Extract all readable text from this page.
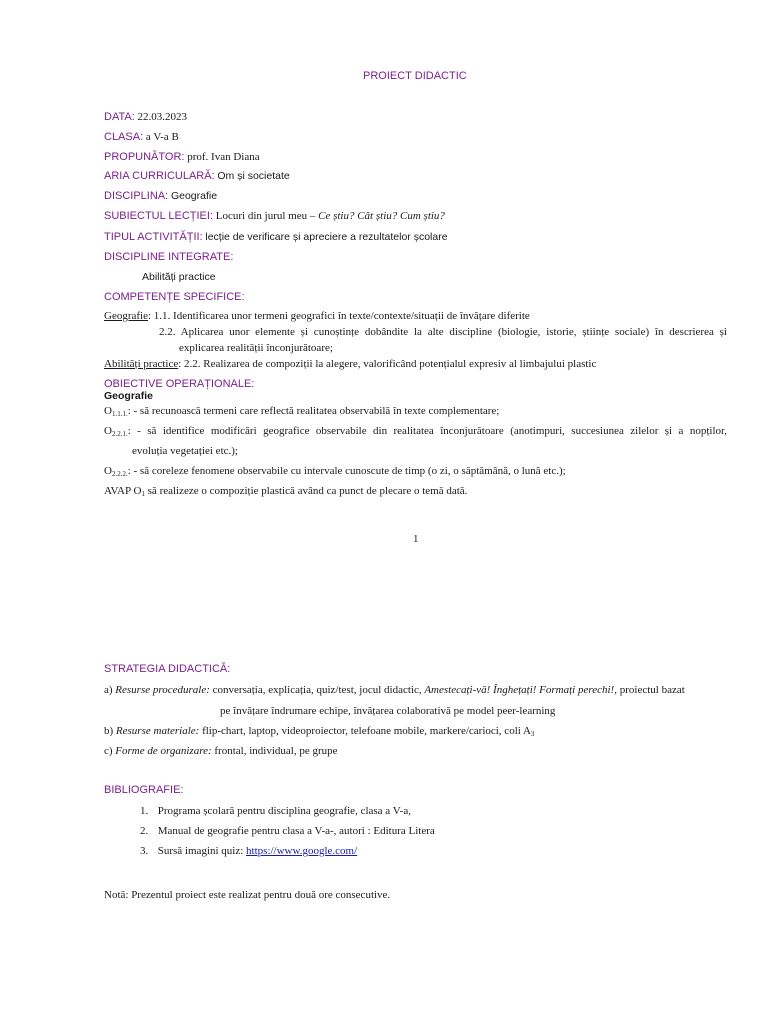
PROIECT DIDACTIC
DATA: 22.03.2023
CLASA: a V-a B
PROPUNĂTOR: prof. Ivan Diana
ARIA CURRICULARĂ: Om și societate
DISCIPLINA: Geografie
SUBIECTUL LECȚIEI: Locuri din jurul meu – Ce știu? Cât știu? Cum știu?
TIPUL ACTIVITĂȚII: lecție de verificare și apreciere a rezultatelor școlare
DISCIPLINE INTEGRATE:
Abilități practice
COMPETENȚE SPECIFICE:
Geografie: 1.1. Identificarea unor termeni geografici în texte/contexte/situații de învățare diferite
2.2. Aplicarea unor elemente și cunoștințe dobândite la alte discipline (biologie, istorie, științe sociale) în descrierea și
explicarea realității înconjurătoare;
Abilități practice: 2.2. Realizarea de compoziții la alegere, valorificând potențialul expresiv al limbajului plastic
OBIECTIVE OPERAȚIONALE:
Geografie
$O_{1.1.1.}$: - să recunoască termeni care reflectă realitatea observabilă în texte complementare;
$O_{2.2.1.}$: - să identifice modificări geografice observabile din realitatea înconjurătoare (anotimpuri, succesiunea zilelor și a nopților,
evoluția vegetației etc.);
$O_{2.2.2.}$: - să coreleze fenomene observabile cu intervale cunoscute de timp (o zi, o săptămână, o lună etc.);
AVAP $O_1$ să realizeze o compoziție plastică având ca punct de plecare o temă dată.
1
STRATEGIA DIDACTICĂ:
a) Resurse procedurale: conversația, explicația, quiz/test, jocul didactic, Amestecați-vă! Înghețați! Formați perechi!, proiectul bazat
pe învățare îndrumare echipe, învățarea colaborativă pe model peer-learning
b) Resurse materiale: flip-chart, laptop, videoproiector, telefoane mobile, markere/carioci, coli $A_3$
c) Forme de organizare: frontal, individual, pe grupe
BIBLIOGRAFIE:
1. Programa școlară pentru disciplina geografie, clasa a V-a,
2. Manual de geografie pentru clasa a V-a-, autori : Editura Litera
3. Sursă imagini quiz: https://www.google.com/
Notă: Prezentul proiect este realizat pentru două ore consecutive.
